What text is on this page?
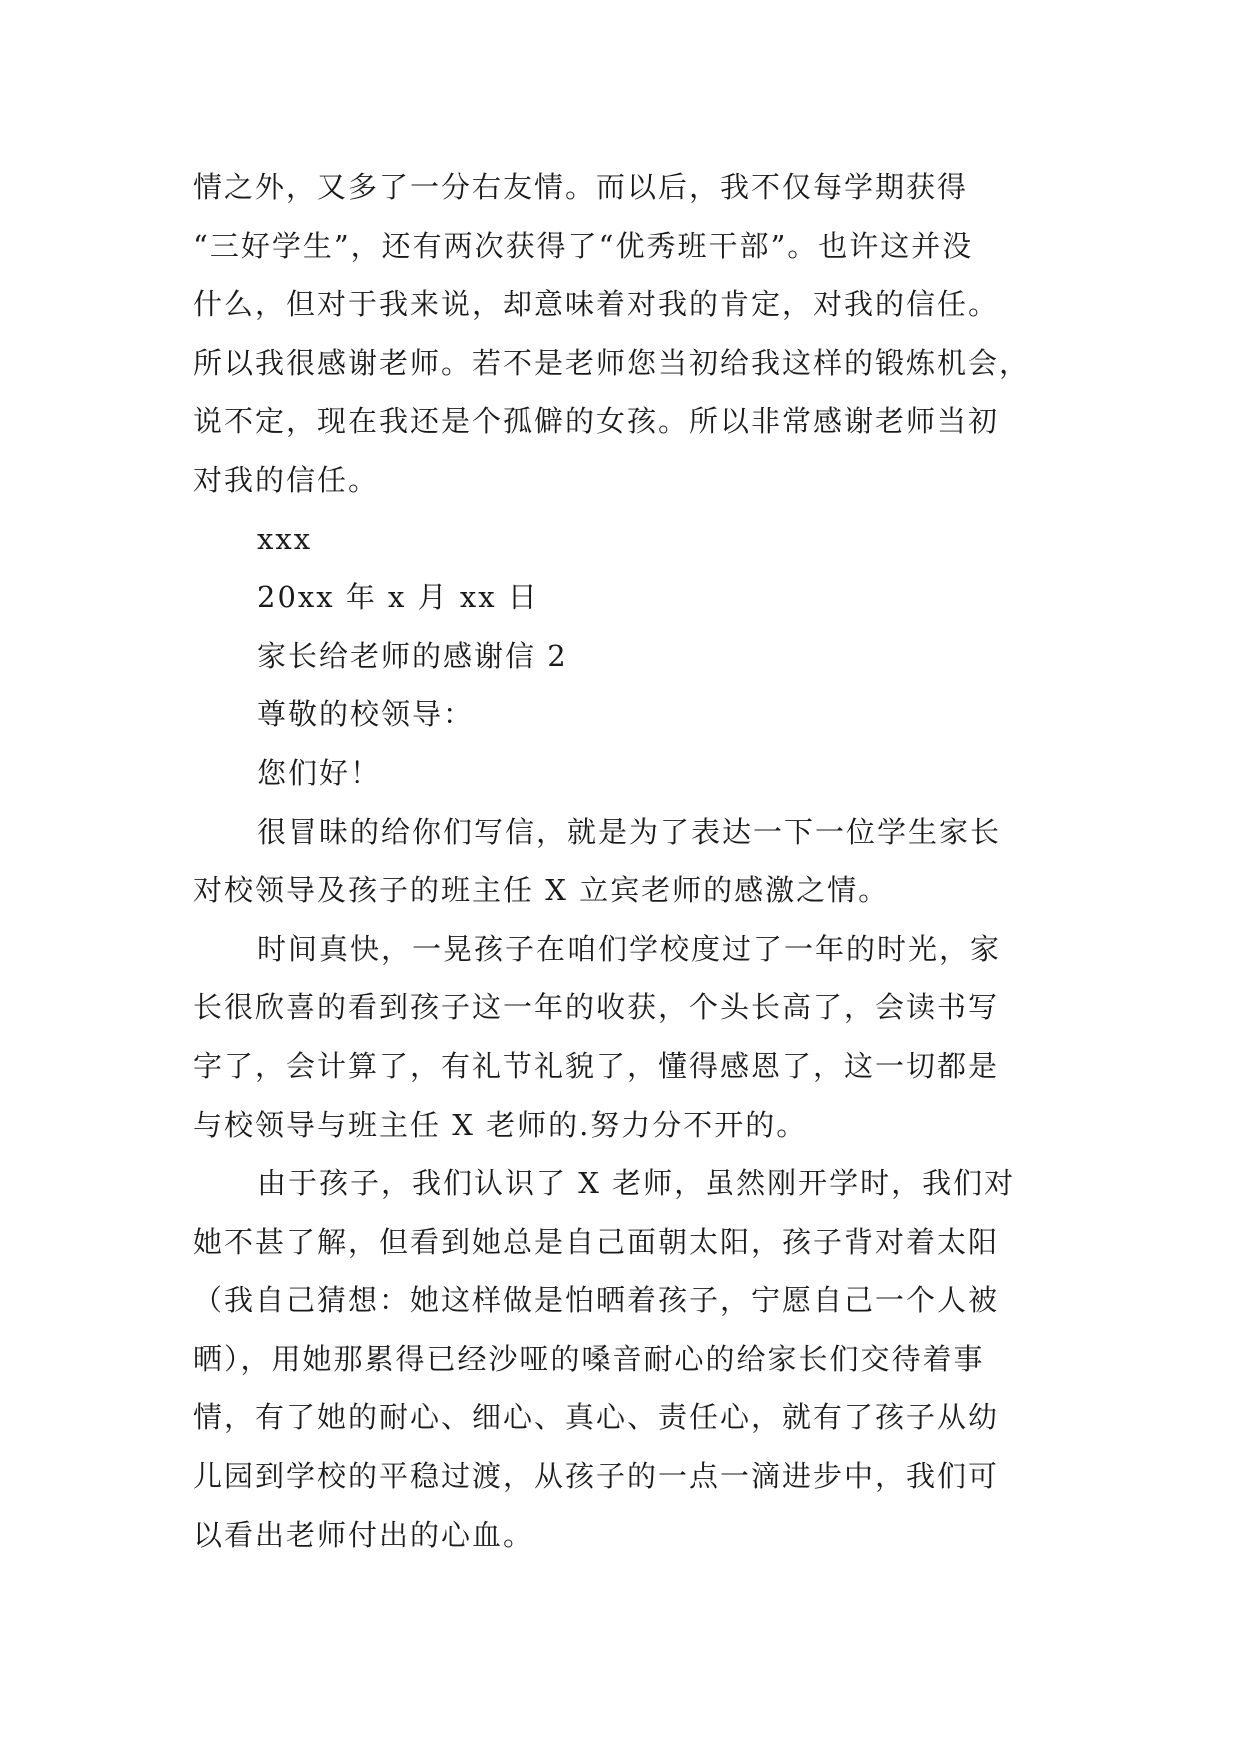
情之外，又多了一分右友情。而以后，我不仅每学期获得
“三好学生”，还有两次获得了“优秀班干部”。也许这并没
什么，但对于我来说，却意味着对我的肯定，对我的信任。
所以我很感谢老师。若不是老师您当初给我这样的锻炼机会，
说不定，现在我还是个孤僻的女孩。所以非常感谢老师当初
对我的信任。
xxx
20xx 年 x 月 xx 日
家长给老师的感谢信 2
尊敬的校领导：
您们好！
很冒昧的给你们写信，就是为了表达一下一位学生家长
对校领导及孩子的班主任 X 立宾老师的感激之情。
时间真快，一晃孩子在咱们学校度过了一年的时光，家
长很欣喜的看到孩子这一年的收获，个头长高了，会读书写
字了，会计算了，有礼节礼貌了，懂得感恩了，这一切都是
与校领导与班主任 X 老师的.努力分不开的。
由于孩子，我们认识了 X 老师，虽然刚开学时，我们对
她不甚了解，但看到她总是自己面朝太阳，孩子背对着太阳
（我自己猜想：她这样做是怕晒着孩子，宁愿自己一个人被
晒），用她那累得已经沙哑的嗓音耐心的给家长们交待着事
情，有了她的耐心、细心、真心、责任心，就有了孩子从幼
儿园到学校的平稳过渡，从孩子的一点一滴进步中，我们可
以看出老师付出的心血。
